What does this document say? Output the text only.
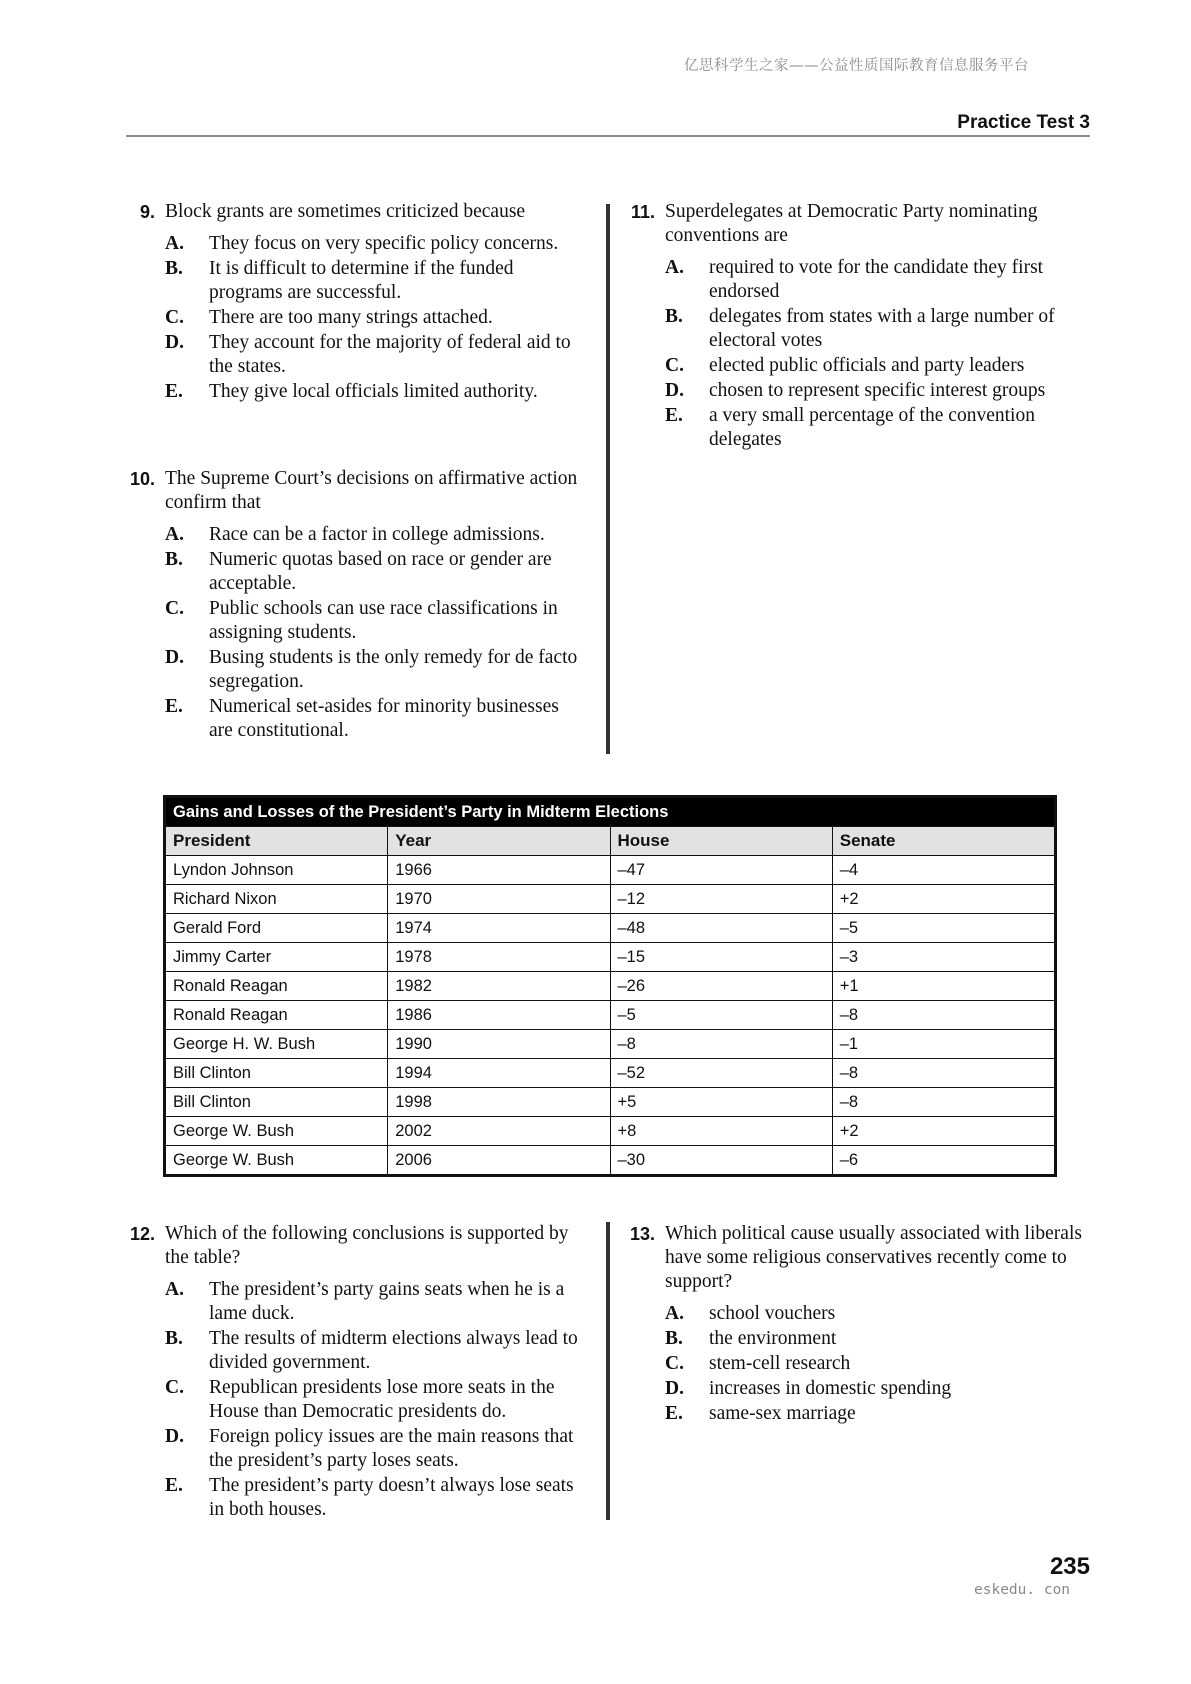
亿思科学生之家——公益性质国际教育信息服务平台
Practice Test 3
9. Block grants are sometimes criticized because
A.	They focus on very specific policy concerns.
B.	It is difficult to determine if the funded programs are successful.
C.	There are too many strings attached.
D.	They account for the majority of federal aid to the states.
E.	They give local officials limited authority.
10. The Supreme Court’s decisions on affirmative action confirm that
A.	Race can be a factor in college admissions.
B.	Numeric quotas based on race or gender are acceptable.
C.	Public schools can use race classifications in assigning students.
D.	Busing students is the only remedy for de facto segregation.
E.	Numerical set-asides for minority businesses are constitutional.
11. Superdelegates at Democratic Party nominating conventions are
A.	required to vote for the candidate they first endorsed
B.	delegates from states with a large number of electoral votes
C.	elected public officials and party leaders
D.	chosen to represent specific interest groups
E.	a very small percentage of the convention delegates
Gains and Losses of the President’s Party in Midterm Elections			
President	Year	House	Senate
Lyndon Johnson	1966	–47	–4
Richard Nixon	1970	–12	+2
Gerald Ford	1974	–48	–5
Jimmy Carter	1978	–15	–3
Ronald Reagan	1982	–26	+1
Ronald Reagan	1986	–5	–8
George H. W. Bush	1990	–8	–1
Bill Clinton	1994	–52	–8
Bill Clinton	1998	+5	–8
George W. Bush	2002	+8	+2
George W. Bush	2006	–30	–6
12. Which of the following conclusions is supported by the table?
A.	The president’s party gains seats when he is a lame duck.
B.	The results of midterm elections always lead to divided government.
C.	Republican presidents lose more seats in the House than Democratic presidents do.
D.	Foreign policy issues are the main reasons that the president’s party loses seats.
E.	The president’s party doesn’t always lose seats in both houses.
13. Which political cause usually associated with liberals have some religious conservatives recently come to support?
A.	school vouchers
B.	the environment
C.	stem-cell research
D.	increases in domestic spending
E.	same-sex marriage
235
eskedu. con
